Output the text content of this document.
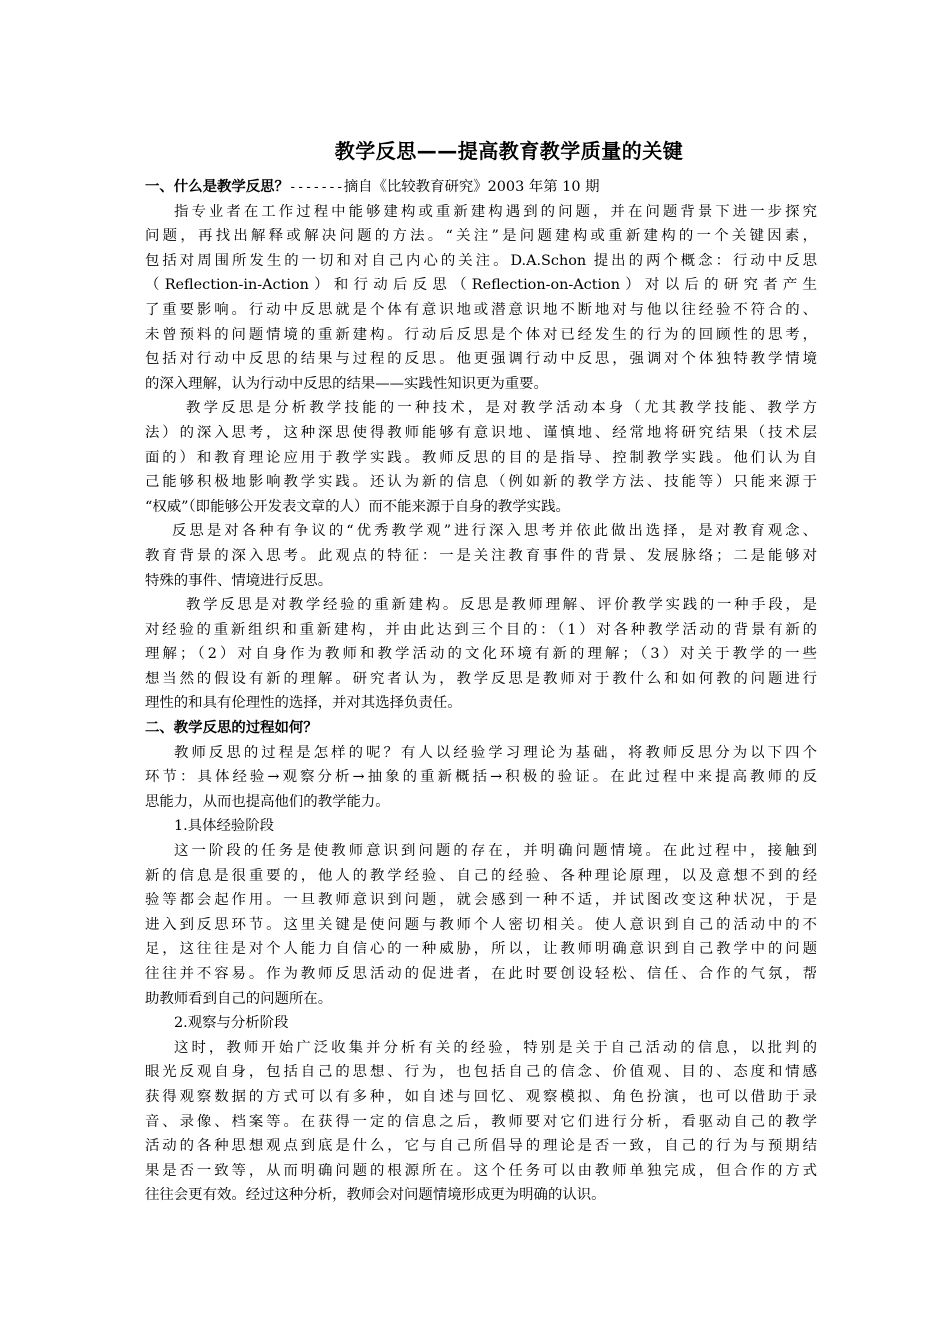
教学反思——提高教育教学质量的关键
一、什么是教学反思？-------摘自《比较教育研究》2003 年第 10 期
指专业者在工作过程中能够建构或重新建构遇到的问题，并在问题背景下进一步探究
问题，再找出解释或解决问题的方法。“关注”是问题建构或重新建构的一个关键因素，
包括对周围所发生的一切和对自己内心的关注。D.A.Schon 提出的两个概念：行动中反思
（Reflection-in-Action）和行动后反思（Reflection-on-Action）对以后的研究者产生
了重要影响。行动中反思就是个体有意识地或潜意识地不断地对与他以往经验不符合的、
未曾预料的问题情境的重新建构。行动后反思是个体对已经发生的行为的回顾性的思考，
包括对行动中反思的结果与过程的反思。他更强调行动中反思，强调对个体独特教学情境
的深入理解，认为行动中反思的结果——实践性知识更为重要。
教学反思是分析教学技能的一种技术，是对教学活动本身（尤其教学技能、教学方
法）的深入思考，这种深思使得教师能够有意识地、谨慎地、经常地将研究结果（技术层
面的）和教育理论应用于教学实践。教师反思的目的是指导、控制教学实践。他们认为自
己能够积极地影响教学实践。还认为新的信息（例如新的教学方法、技能等）只能来源于
“权威”（即能够公开发表文章的人）而不能来源于自身的教学实践。
反思是对各种有争议的“优秀教学观”进行深入思考并依此做出选择，是对教育观念、
教育背景的深入思考。此观点的特征：一是关注教育事件的背景、发展脉络；二是能够对
特殊的事件、情境进行反思。
教学反思是对教学经验的重新建构。反思是教师理解、评价教学实践的一种手段，是
对经验的重新组织和重新建构，并由此达到三个目的：（1）对各种教学活动的背景有新的
理解；（2）对自身作为教师和教学活动的文化环境有新的理解；（3）对关于教学的一些
想当然的假设有新的理解。研究者认为，教学反思是教师对于教什么和如何教的问题进行
理性的和具有伦理性的选择，并对其选择负责任。
二、教学反思的过程如何？
教师反思的过程是怎样的呢？有人以经验学习理论为基础，将教师反思分为以下四个
环节：具体经验→观察分析→抽象的重新概括→积极的验证。在此过程中来提高教师的反
思能力，从而也提高他们的教学能力。
1.具体经验阶段
这一阶段的任务是使教师意识到问题的存在，并明确问题情境。在此过程中，接触到
新的信息是很重要的，他人的教学经验、自己的经验、各种理论原理，以及意想不到的经
验等都会起作用。一旦教师意识到问题，就会感到一种不适，并试图改变这种状况，于是
进入到反思环节。这里关键是使问题与教师个人密切相关。使人意识到自己的活动中的不
足，这往往是对个人能力自信心的一种威胁，所以，让教师明确意识到自己教学中的问题
往往并不容易。作为教师反思活动的促进者，在此时要创设轻松、信任、合作的气氛，帮
助教师看到自己的问题所在。
2.观察与分析阶段
这时，教师开始广泛收集并分析有关的经验，特别是关于自己活动的信息，以批判的
眼光反观自身，包括自己的思想、行为，也包括自己的信念、价值观、目的、态度和情感
获得观察数据的方式可以有多种，如自述与回忆、观察模拟、角色扮演，也可以借助于录
音、录像、档案等。在获得一定的信息之后，教师要对它们进行分析，看驱动自己的教学
活动的各种思想观点到底是什么，它与自己所倡导的理论是否一致，自己的行为与预期结
果是否一致等，从而明确问题的根源所在。这个任务可以由教师单独完成，但合作的方式
往往会更有效。经过这种分析，教师会对问题情境形成更为明确的认识。
